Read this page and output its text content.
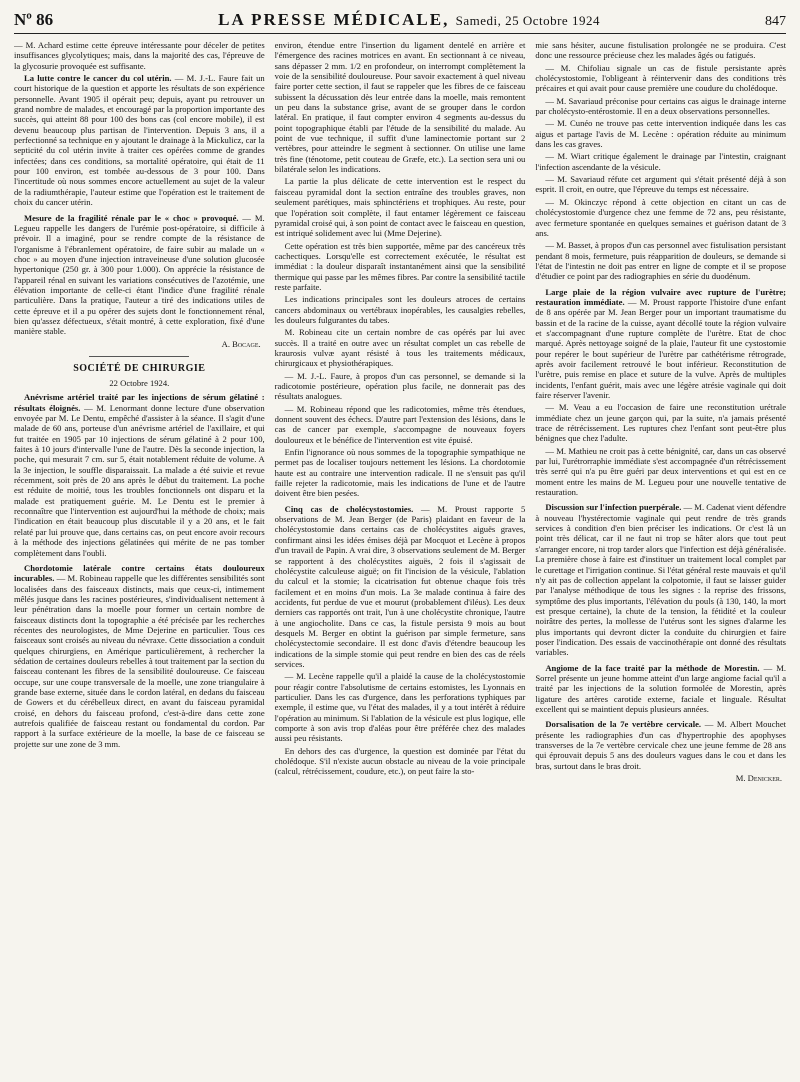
Nº 86	LA PRESSE MÉDICALE, Samedi, 25 Octobre 1924	847

— M. Achard estime cette épreuve intéressante pour déceler de petites insuffisances glycolytiques; mais, dans la majorité des cas, l'épreuve de la glycosurie provoquée est suffisante.

La lutte contre le cancer du col utérin. — M. J.-L. Faure fait un court historique de la question et apporte les résultats de son expérience personnelle. Avant 1905 il opérait peu; depuis, ayant pu retrouver un grand nombre de malades, et encouragé par la proportion importante des succès, qui atteint 88 pour 100 des bons cas (col encore mobile), il est devenu beaucoup plus partisan de l'intervention. Depuis 3 ans, il a perfectionné sa technique en y ajoutant le drainage à la Mickulicz, car la septicité du col utérin invite à traiter ces opérées comme de grandes infectées; dans ces conditions, sa mortalité opératoire, qui était de 11 pour 100 environ, est tombée au-dessous de 3 pour 100. Dans l'incertitude où nous sommes encore actuellement au sujet de la valeur de la radiumthérapie, l'auteur estime que l'opération est le traitement de choix du cancer utérin.

Mesure de la fragilité rénale par le « choc » provoqué. — M. Legueu rappelle les dangers de l'urémie post-opératoire, si difficile à prévoir. Il a imaginé, pour se rendre compte de la résistance de l'organisme à l'ébranlement opératoire, de faire subir au malade un « choc » au moyen d'une injection intraveineuse d'une solution glucosée hypertonique (250 gr. à 300 pour 1.000). On apprécie la résistance de l'appareil rénal en suivant les variations consécutives de l'azotémie, une élévation importante de celle-ci étant l'indice d'une fragilité rénale particulière. Dans la pratique, l'auteur a tiré des indications utiles de cette épreuve et il a pu opérer des sujets dont le fonctionnement rénal, bien qu'assez défectueux, s'était montré, à cette exploration, fixé d'une manière stable.

A. Bocage.

SOCIÉTÉ DE CHIRURGIE
22 Octobre 1924.

Anévrisme artériel traité par les injections de sérum gélatiné : résultats éloignés. — M. Lenormant donne lecture d'une observation envoyée par M. Le Dentu, empêché d'assister à la séance. Il s'agit d'une malade de 60 ans, porteuse d'un anévrisme artériel de l'axillaire, et qui fut traitée en 1905 par 10 injections de sérum gélatiné à 2 pour 100, faites à 10 jours d'intervalle l'une de l'autre. Dès la seconde injection, la poche, qui mesurait 7 cm. sur 5, était notablement réduite de volume. A la 3e injection, le souffle disparaissait. La malade a été suivie et revue récemment, soit près de 20 ans après le début du traitement. La poche est réduite de moitié, tous les troubles fonctionnels ont disparu et la malade est pratiquement guérie. M. Le Dentu est le premier à reconnaître que l'intervention est aujourd'hui la méthode de choix; mais l'indication en était beaucoup plus discutable il y a 20 ans, et le fait relaté par lui prouve que, dans certains cas, on peut encore avoir recours à la méthode des injections gélatinées qui mérite de ne pas tomber complètement dans l'oubli.

Chordotomie latérale contre certains états douloureux incurables. — M. Robineau rappelle que les différentes sensibilités sont localisées dans des faisceaux distincts, mais que ceux-ci, intimement mêlés jusque dans les racines postérieures, s'individualisent nettement à leur pénétration dans la moelle pour former un certain nombre de faisceaux distincts dont la topographie a été précisée par les recherches récentes des neurologistes, de Mme Dejerine en particulier. Tous ces faisceaux sont croisés au niveau du névraxe. Cette dissociation a conduit quelques chirurgiens, en Amérique particulièrement, à rechercher la sédation de certaines douleurs rebelles à tout traitement par la section du faisceau contenant les fibres de la sensibilité douloureuse. Ce faisceau occupe, sur une coupe transversale de la moelle, une zone triangulaire à grande base externe, située dans le cordon latéral, en dedans du faisceau de Gowers et du cérébelleux direct, en avant du faisceau pyramidal croisé, en dehors du faisceau profond, c'est-à-dire dans cette zone autrefois qualifiée de faisceau restant ou fondamental du cordon. Par rapport à la surface extérieure de la moelle, la base de ce faisceau se projette sur une zone de 3 mm.

environ, étendue entre l'insertion du ligament dentelé en arrière et l'émergence des racines motrices en avant. En sectionnant à ce niveau, sans dépasser 2 mm. 1/2 en profondeur, on interrompt complètement la voie de la sensibilité douloureuse. Pour savoir exactement à quel niveau faire porter cette section, il faut se rappeler que les fibres de ce faisceau subissent la décussation dès leur entrée dans la moelle, mais remontent un peu dans la substance grise, avant de se grouper dans le cordon latéral. En pratique, il faut compter environ 4 segments au-dessus du point topographique établi par l'étude de la sensibilité du malade. Au point de vue technique, il suffit d'une laminectomie portant sur 2 vertèbres, pour atteindre le segment à sectionner. On utilise une lame très fine (ténotome, petit couteau de Græfe, etc.). La section sera uni ou bilatérale selon les indications.

La partie la plus délicate de cette intervention est le respect du faisceau pyramidal dont la section entraîne des troubles graves, non seulement parétiques, mais sphinctériens et trophiques. Au reste, pour que l'opération soit complète, il faut entamer légèrement ce faisceau pyramidal croisé qui, à son point de contact avec le faisceau en question, est intriqué solidement avec lui (Mme Dejerine).

Cette opération est très bien supportée, même par des cancéreux très cachectiques. Lorsqu'elle est correctement exécutée, le résultat est immédiat : la douleur disparaît instantanément ainsi que la sensibilité thermique qui passe par les mêmes fibres. Par contre la sensibilité tactile reste parfaite.

Les indications principales sont les douleurs atroces de certains cancers abdominaux ou vertébraux inopérables, les causalgies rebelles, les douleurs fulgurantes du tabes.

M. Robineau cite un certain nombre de cas opérés par lui avec succès. Il a traité en outre avec un résultat complet un cas rebelle de kraurosis vulvæ ayant résisté à tous les traitements médicaux, chirurgicaux et physiothérapiques.

— M. J.-L. Faure, à propos d'un cas personnel, se demande si la radicotomie postérieure, opération plus facile, ne donnerait pas des résultats analogues.

— M. Robineau répond que les radicotomies, même très étendues, donnent souvent des échecs. D'autre part l'extension des lésions, dans le cas de cancer par exemple, s'accompagne de nouveaux foyers douloureux et le bénéfice de l'intervention est vite épuisé.

Enfin l'ignorance où nous sommes de la topographie sympathique ne permet pas de localiser toujours nettement les lésions. La chordotomie haute est au contraire une intervention radicale. Il ne s'ensuit pas qu'il faille rejeter la radicotomie, mais les indications de l'une et de l'autre doivent être bien pesées.

Cinq cas de cholécystostomies. — M. Proust rapporte 5 observations de M. Jean Berger (de Paris) plaidant en faveur de la cholécystostomie dans certains cas de cholécystites aiguës graves, confirmant ainsi les idées émises déjà par Mocquot et Lecène à propos d'un travail de Papin. A vrai dire, 3 observations seulement de M. Berger se rapportent à des cholécystites aiguës, 2 fois il s'agissait de cholécystite calculeuse aiguë; on fit l'incision de la vésicule, l'ablation du calcul et la stomie; la cicatrisation fut obtenue chaque fois très facilement et en moins d'un mois. La 3e malade continua à faire des accidents, fut perdue de vue et mourut (probablement d'iléus). Les deux derniers cas rapportés ont trait, l'un à une cholécystite chronique, l'autre à une angiocholite. Dans ce cas, la fistule persista 9 mois au bout desquels M. Berger en obtint la guérison par simple fermeture, sans cholécystectomie secondaire. Il est donc d'avis d'étendre beaucoup les indications de la simple stomie qui peut rendre en bien des cas de réels services.

— M. Lecène rappelle qu'il a plaidé la cause de la cholécystostomie pour réagir contre l'absolutisme de certains estomistes, les Lyonnais en particulier. Dans les cas d'urgence, dans les perforations typhiques par exemple, il estime que, vu l'état des malades, il y a tout intérêt à réduire l'opération au minimum. Si l'ablation de la vésicule est plus logique, elle comporte à son avis trop d'aléas pour être préférée chez des malades aussi peu résistants.

En dehors des cas d'urgence, la question est dominée par l'état du cholédoque. S'il n'existe aucun obstacle au niveau de la voie principale (calcul, rétrécissement, coudure, etc.), on peut faire la sto-

mie sans hésiter, aucune fistulisation prolongée ne se produira. C'est donc une ressource précieuse chez les malades âgés ou fatigués.

— M. Chifoliau signale un cas de fistule persistante après cholécystostomie, l'obligeant à réintervenir dans des conditions très précaires et qui avait pour cause première une coudure du cholédoque.

— M. Savariaud préconise pour certains cas aigus le drainage interne par cholécysto-entérostomie. Il en a deux observations personnelles.

— M. Cunéo ne trouve pas cette intervention indiquée dans les cas aigus et partage l'avis de M. Lecène : opération réduite au minimum dans les cas graves.

— M. Wiart critique également le drainage par l'intestin, craignant l'infection ascendante de la vésicule.

— M. Savariaud réfute cet argument qui s'était présenté déjà à son esprit. Il croit, en outre, que l'épreuve du temps est nécessaire.

— M. Okinczyc répond à cette objection en citant un cas de cholécystostomie d'urgence chez une femme de 72 ans, peu résistante, avec fermeture spontanée en quelques semaines et guérison datant de 3 ans.

— M. Basset, à propos d'un cas personnel avec fistulisation persistant pendant 8 mois, fermeture, puis réapparition de douleurs, se demande si l'état de l'intestin ne doit pas entrer en ligne de compte et il se propose d'étudier ce point par des radiographies en série du duodénum.

Large plaie de la région vulvaire avec rupture de l'urètre; restauration immédiate. — M. Proust rapporte l'histoire d'une enfant de 8 ans opérée par M. Jean Berger pour un important traumatisme du bassin et de la racine de la cuisse, ayant décollé toute la région vulvaire et s'accompagnant d'une rupture complète de l'urètre. Etat de choc marqué. Après nettoyage soigné de la plaie, l'auteur fit une cystostomie pour repérer le bout supérieur de l'urètre par cathétérisme rétrograde, après avoir facilement retrouvé le bout inférieur. Reconstitution de l'urètre, puis remise en place et suture de la vulve. Après de multiples incidents, l'enfant guérit, mais avec une légère atrésie vaginale qui doit faire réserver l'avenir.

— M. Veau a eu l'occasion de faire une reconstitution urétrale immédiate chez un jeune garçon qui, par la suite, n'a jamais présenté trace de rétrécissement. Les ruptures chez l'enfant sont peut-être plus bénignes que chez l'adulte.

— M. Mathieu ne croit pas à cette bénignité, car, dans un cas observé par lui, l'urétrorraphie immédiate s'est accompagnée d'un rétrécissement très serré qui n'a pu être guéri par deux interventions et qui est en ce moment entre les mains de M. Legueu pour une nouvelle tentative de restauration.

Discussion sur l'infection puerpérale. — M. Cadenat vient défendre à nouveau l'hystérectomie vaginale qui peut rendre de très grands services à condition d'en bien préciser les indications. Or c'est là un point très délicat, car il ne faut ni trop se hâter alors que tout peut s'arranger encore, ni trop tarder alors que l'infection est déjà généralisée. La première chose à faire est d'instituer un traitement local complet par le curettage et l'irrigation continue. Si l'état général reste mauvais et qu'il n'y ait pas de collection appelant la colpotomie, il faut se laisser guider par l'analyse méthodique de tous les signes : la reprise des frissons, symptôme des plus importants, l'élévation du pouls (à 130, 140, la mort est presque certaine), la chute de la tension, la fétidité et la couleur noirâtre des pertes, la mollesse de l'utérus sont les signes d'alarme les plus importants qui devront dicter la conduite du chirurgien et faire poser l'indication. Des essais de vaccinothérapie ont donné des résultats variables.

Angiome de la face traité par la méthode de Morestin. — M. Sorrel présente un jeune homme atteint d'un large angiome facial qu'il a traité par les injections de la solution formolée de Morestin, après ligature des artères carotide externe, faciale et linguale. Résultat excellent qui se maintient depuis plusieurs années.

Dorsalisation de la 7e vertèbre cervicale. — M. Albert Mouchet présente les radiographies d'un cas d'hypertrophie des apophyses transverses de la 7e vertèbre cervicale chez une jeune femme de 28 ans qui éprouvait depuis 5 ans des douleurs vagues dans le cou et dans les bras, surtout dans le bras droit.

M. Denicker.
